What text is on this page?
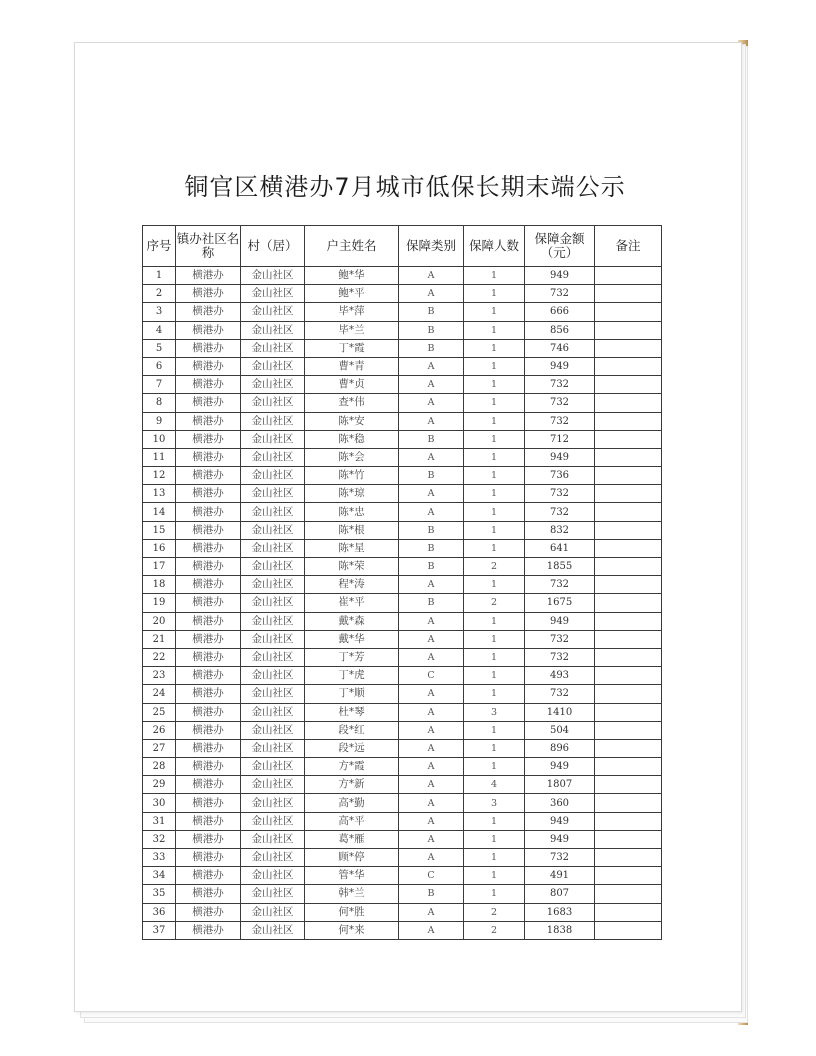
铜官区横港办7月城市低保长期末端公示
序号	镇办社区名称	村（居）	户主姓名	保障类别	保障人数	保障金额（元）	备注
1	横港办	金山社区	鲍*华	A	1	949	
2	横港办	金山社区	鲍*平	A	1	732	
3	横港办	金山社区	毕*萍	B	1	666	
4	横港办	金山社区	毕*兰	B	1	856	
5	横港办	金山社区	丁*霞	B	1	746	
6	横港办	金山社区	曹*青	A	1	949	
7	横港办	金山社区	曹*贞	A	1	732	
8	横港办	金山社区	查*伟	A	1	732	
9	横港办	金山社区	陈*安	A	1	732	
10	横港办	金山社区	陈*稳	B	1	712	
11	横港办	金山社区	陈*会	A	1	949	
12	横港办	金山社区	陈*竹	B	1	736	
13	横港办	金山社区	陈*琼	A	1	732	
14	横港办	金山社区	陈*忠	A	1	732	
15	横港办	金山社区	陈*根	B	1	832	
16	横港办	金山社区	陈*星	B	1	641	
17	横港办	金山社区	陈*荣	B	2	1855	
18	横港办	金山社区	程*涛	A	1	732	
19	横港办	金山社区	崔*平	B	2	1675	
20	横港办	金山社区	戴*森	A	1	949	
21	横港办	金山社区	戴*华	A	1	732	
22	横港办	金山社区	丁*芳	A	1	732	
23	横港办	金山社区	丁*虎	C	1	493	
24	横港办	金山社区	丁*顺	A	1	732	
25	横港办	金山社区	杜*琴	A	3	1410	
26	横港办	金山社区	段*红	A	1	504	
27	横港办	金山社区	段*远	A	1	896	
28	横港办	金山社区	方*霞	A	1	949	
29	横港办	金山社区	方*新	A	4	1807	
30	横港办	金山社区	高*勤	A	3	360	
31	横港办	金山社区	高*平	A	1	949	
32	横港办	金山社区	葛*雁	A	1	949	
33	横港办	金山社区	顾*停	A	1	732	
34	横港办	金山社区	管*华	C	1	491	
35	横港办	金山社区	韩*兰	B	1	807	
36	横港办	金山社区	何*胜	A	2	1683	
37	横港办	金山社区	何*来	A	2	1838	
